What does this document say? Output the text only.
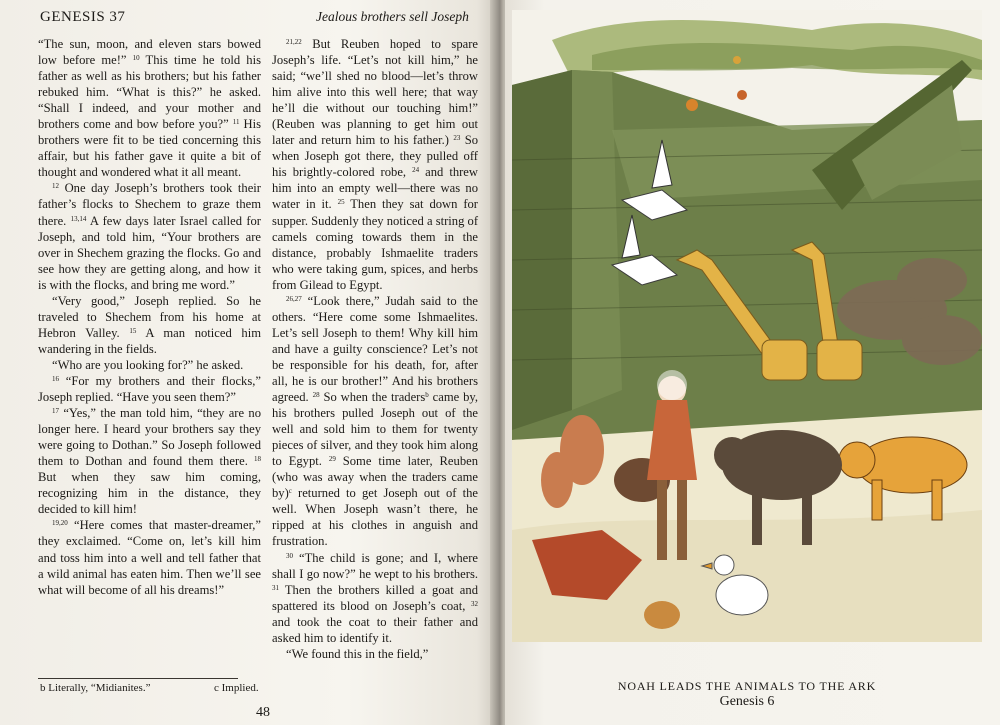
GENESIS 37	Jealous brothers sell Joseph

“The sun, moon, and eleven stars bowed low before me!” $^{10}$ This time he told his father as well as his brothers; but his father rebuked him. “What is this?” he asked. “Shall I indeed, and your mother and brothers come and bow before you?” $^{11}$ His brothers were fit to be tied concerning this affair, but his father gave it quite a bit of thought and wondered what it all meant.

$^{12}$ One day Joseph’s brothers took their father’s flocks to Shechem to graze them there. $^{13,14}$ A few days later Israel called for Joseph, and told him, “Your brothers are over in Shechem grazing the flocks. Go and see how they are getting along, and how it is with the flocks, and bring me word.”

“Very good,” Joseph replied. So he traveled to Shechem from his home at Hebron Valley. $^{15}$ A man noticed him wandering in the fields.

“Who are you looking for?” he asked.

$^{16}$ “For my brothers and their flocks,” Joseph replied. “Have you seen them?”

$^{17}$ “Yes,” the man told him, “they are no longer here. I heard your brothers say they were going to Dothan.” So Joseph followed them to Dothan and found them there. $^{18}$ But when they saw him coming, recognizing him in the distance, they decided to kill him!

$^{19,20}$ “Here comes that master-dreamer,” they exclaimed. “Come on, let’s kill him and toss him into a well and tell father that a wild animal has eaten him. Then we’ll see what will become of all his dreams!”

$^{21,22}$ But Reuben hoped to spare Joseph’s life. “Let’s not kill him,” he said; “we’ll shed no blood—let’s throw him alive into this well here; that way he’ll die without our touching him!” (Reuben was planning to get him out later and return him to his father.) $^{23}$ So when Joseph got there, they pulled off his brightly-colored robe, $^{24}$ and threw him into an empty well—there was no water in it. $^{25}$ Then they sat down for supper. Suddenly they noticed a string of camels coming towards them in the distance, probably Ishmaelite traders who were taking gum, spices, and herbs from Gilead to Egypt.

$^{26,27}$ “Look there,” Judah said to the others. “Here come some Ishmaelites. Let’s sell Joseph to them! Why kill him and have a guilty conscience? Let’s not be responsible for his death, for, after all, he is our brother!” And his brothers agreed. $^{28}$ So when the traders$^b$ came by, his brothers pulled Joseph out of the well and sold him to them for twenty pieces of silver, and they took him along to Egypt. $^{29}$ Some time later, Reuben (who was away when the traders came by)$^c$ returned to get Joseph out of the well. When Joseph wasn’t there, he ripped at his clothes in anguish and frustration.

$^{30}$ “The child is gone; and I, where shall I go now?” he wept to his brothers. $^{31}$ Then the brothers killed a goat and spattered its blood on Joseph’s coat, $^{32}$ and took the coat to their father and asked him to identify it.

“We found this in the field,”

b Literally, “Midianites.”	c Implied.
48
NOAH LEADS THE ANIMALS TO THE ARK
Genesis 6
